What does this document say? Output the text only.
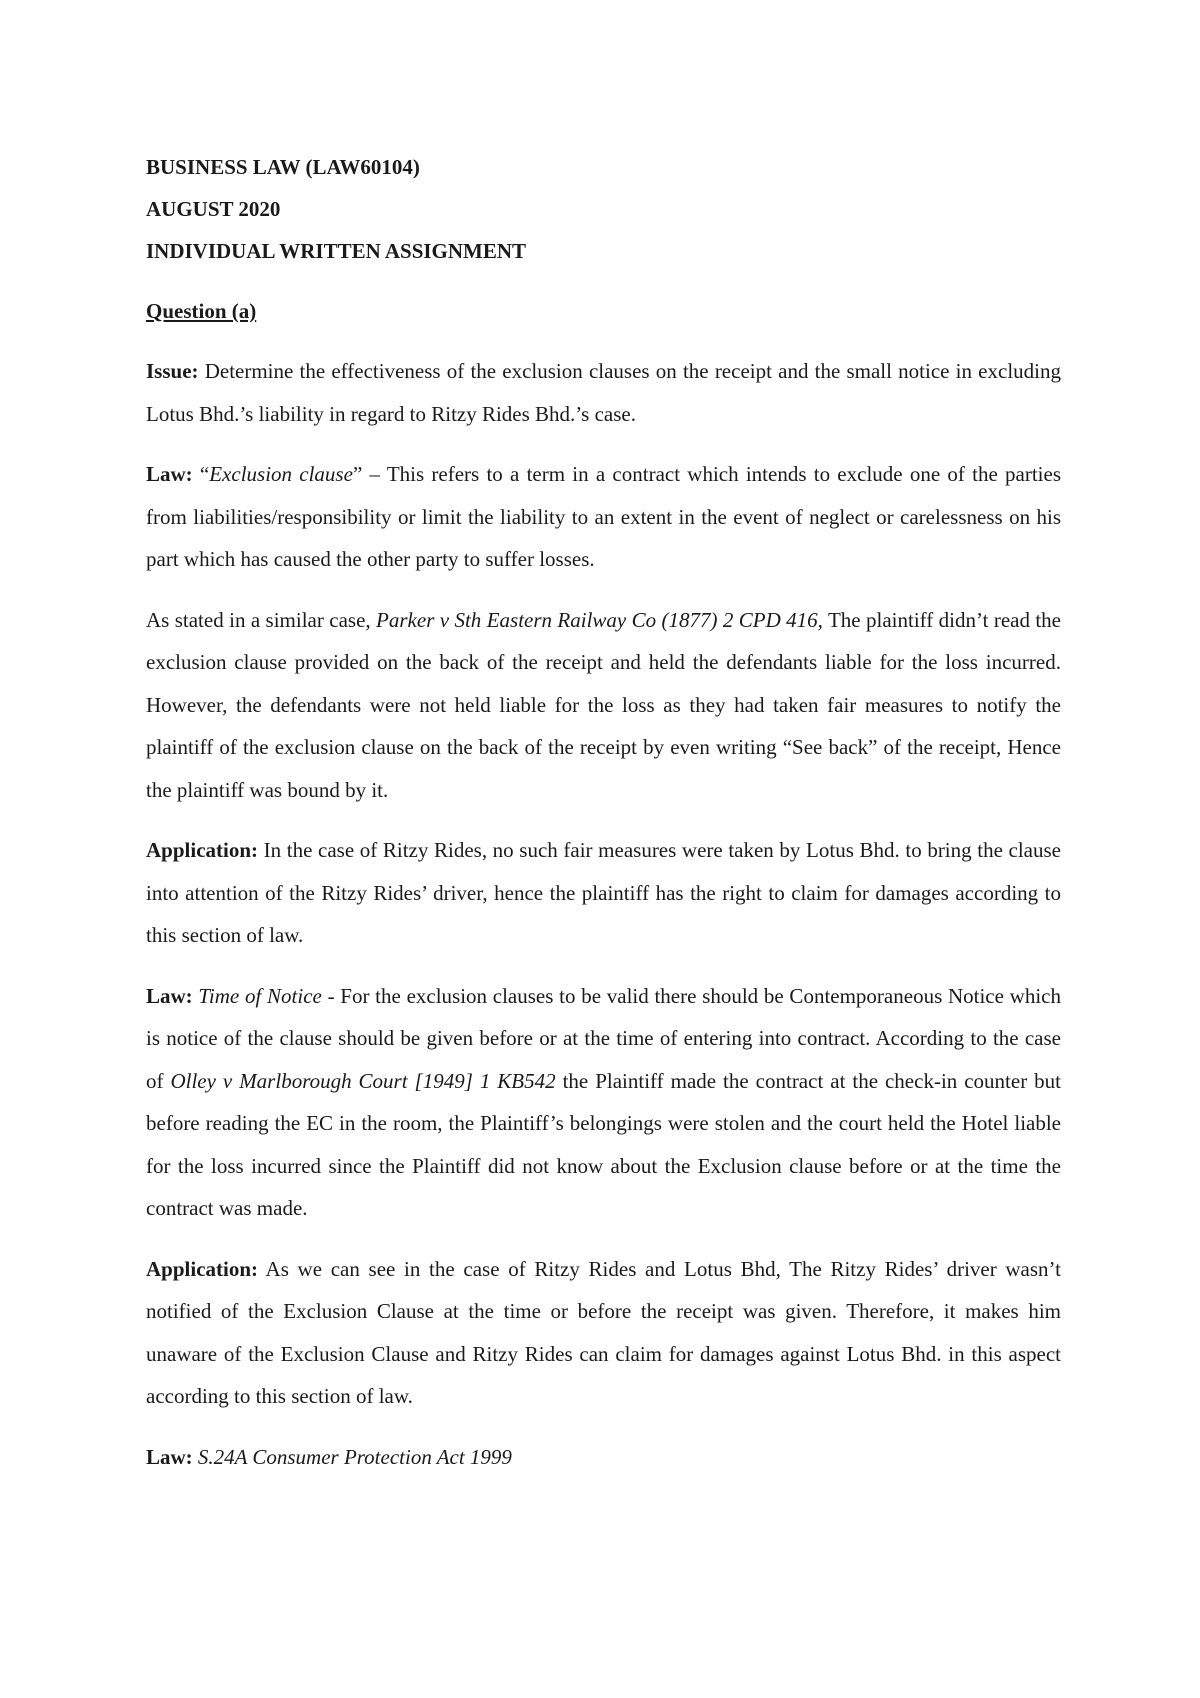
BUSINESS LAW (LAW60104)

AUGUST 2020

INDIVIDUAL WRITTEN ASSIGNMENT

Question (a)

Issue: Determine the effectiveness of the exclusion clauses on the receipt and the small notice in excluding Lotus Bhd.’s liability in regard to Ritzy Rides Bhd.’s case.

Law: “Exclusion clause” – This refers to a term in a contract which intends to exclude one of the parties from liabilities/responsibility or limit the liability to an extent in the event of neglect or carelessness on his part which has caused the other party to suffer losses.

As stated in a similar case, Parker v Sth Eastern Railway Co (1877) 2 CPD 416, The plaintiff didn’t read the exclusion clause provided on the back of the receipt and held the defendants liable for the loss incurred. However, the defendants were not held liable for the loss as they had taken fair measures to notify the plaintiff of the exclusion clause on the back of the receipt by even writing “See back” of the receipt, Hence the plaintiff was bound by it.

Application: In the case of Ritzy Rides, no such fair measures were taken by Lotus Bhd. to bring the clause into attention of the Ritzy Rides’ driver, hence the plaintiff has the right to claim for damages according to this section of law.

Law: Time of Notice - For the exclusion clauses to be valid there should be Contemporaneous Notice which is notice of the clause should be given before or at the time of entering into contract. According to the case of Olley v Marlborough Court [1949] 1 KB542 the Plaintiff made the contract at the check-in counter but before reading the EC in the room, the Plaintiff’s belongings were stolen and the court held the Hotel liable for the loss incurred since the Plaintiff did not know about the Exclusion clause before or at the time the contract was made.

Application: As we can see in the case of Ritzy Rides and Lotus Bhd, The Ritzy Rides’ driver wasn’t notified of the Exclusion Clause at the time or before the receipt was given. Therefore, it makes him unaware of the Exclusion Clause and Ritzy Rides can claim for damages against Lotus Bhd. in this aspect according to this section of law.

Law: S.24A Consumer Protection Act 1999
